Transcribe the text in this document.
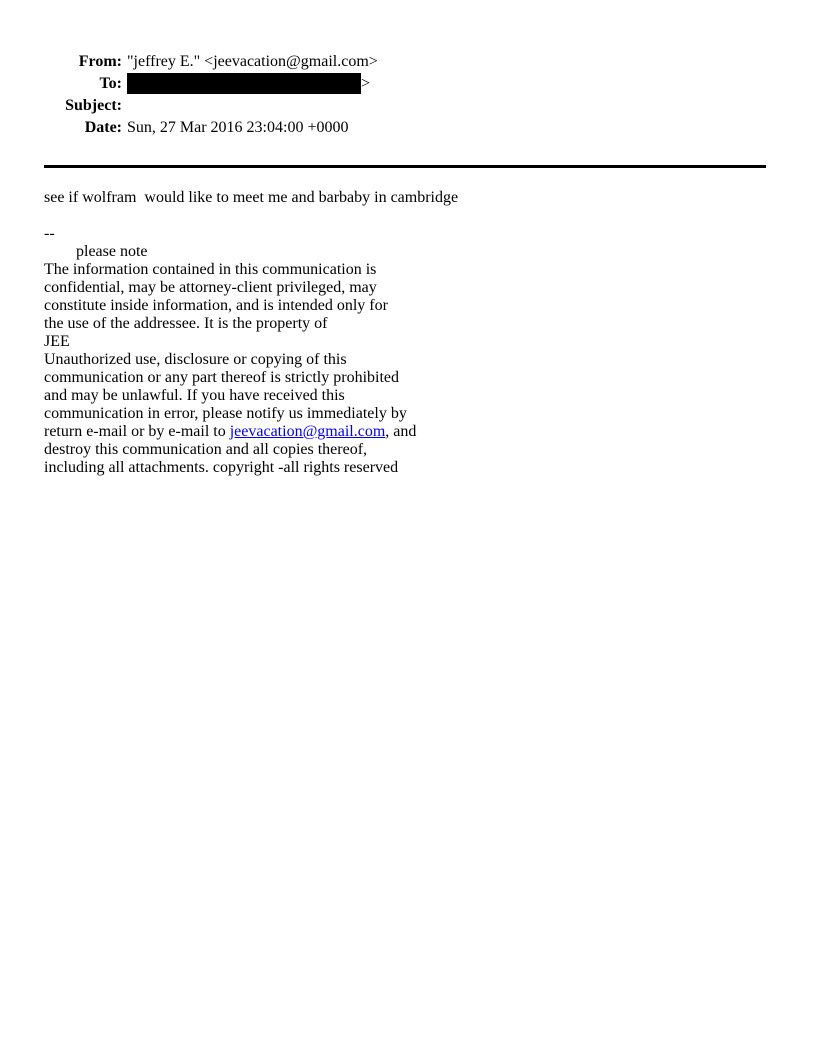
From: "jeffrey E." <jeevacation@gmail.com>
To:	>
Subject:
Date: Sun, 27 Mar 2016 23:04:00 +0000
see if wolfram  would like to meet me and barbaby in cambridge

--
	please note
The information contained in this communication is
confidential, may be attorney-client privileged, may
constitute inside information, and is intended only for
the use of the addressee. It is the property of
JEE
Unauthorized use, disclosure or copying of this
communication or any part thereof is strictly prohibited
and may be unlawful. If you have received this
communication in error, please notify us immediately by
return e-mail or by e-mail to jeevacation@gmail.com, and
destroy this communication and all copies thereof,
including all attachments. copyright -all rights reserved
